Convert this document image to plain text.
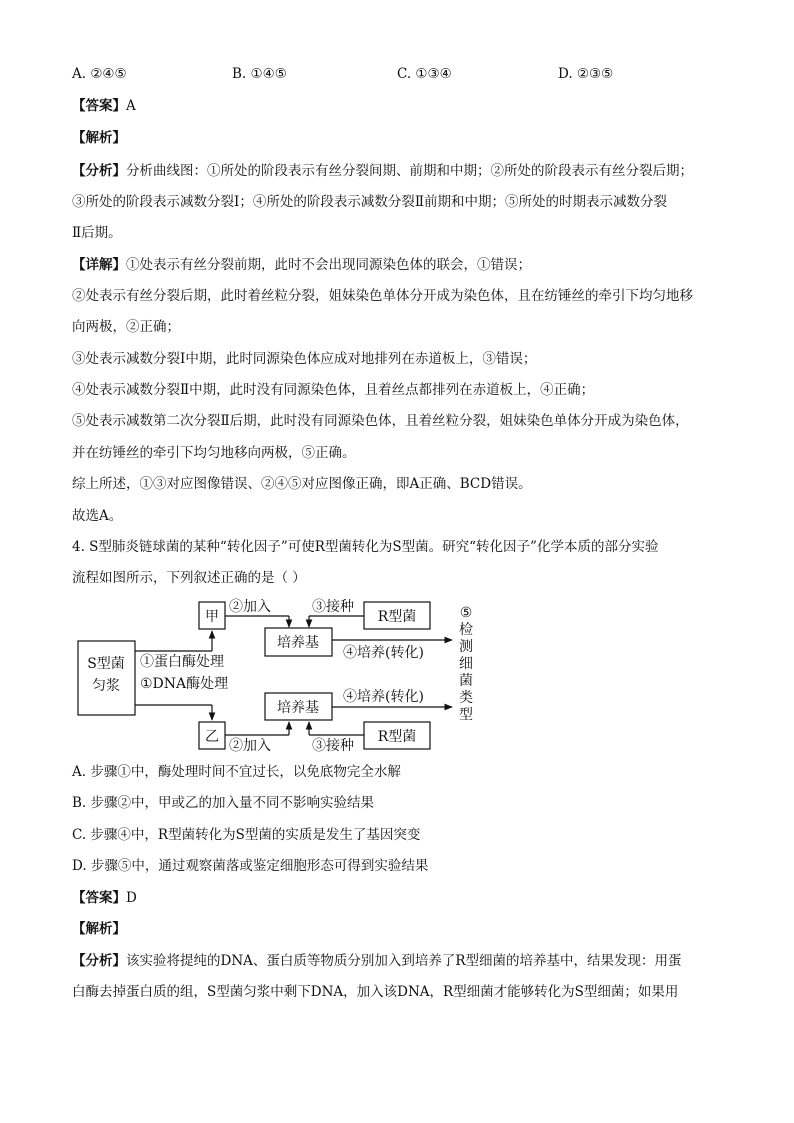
A. ②④⑤	B. ①④⑤	C. ①③④	D. ②③⑤
【答案】A
【解析】
【分析】分析曲线图：①所处的阶段表示有丝分裂间期、前期和中期；②所处的阶段表示有丝分裂后期；
③所处的阶段表示减数分裂Ⅰ；④所处的阶段表示减数分裂Ⅱ前期和中期；⑤所处的时期表示减数分裂
Ⅱ后期。
【详解】①处表示有丝分裂前期，此时不会出现同源染色体的联会，①错误；
②处表示有丝分裂后期，此时着丝粒分裂，姐妹染色单体分开成为染色体，且在纺锤丝的牵引下均匀地移
向两极，②正确；
③处表示减数分裂Ⅰ中期，此时同源染色体应成对地排列在赤道板上，③错误；
④处表示减数分裂Ⅱ中期，此时没有同源染色体，且着丝点都排列在赤道板上，④正确；
⑤处表示减数第二次分裂Ⅱ后期，此时没有同源染色体，且着丝粒分裂，姐妹染色单体分开成为染色体，
并在纺锤丝的牵引下均匀地移向两极，⑤正确。
综上所述，①③对应图像错误、②④⑤对应图像正确，即A正确、BCD错误。
故选A。
4. S型肺炎链球菌的某种“转化因子”可使R型菌转化为S型菌。研究“转化因子”化学本质的部分实验
流程如图所示，下列叙述正确的是（ ）
S型菌
匀浆
①蛋白酶处理
①DNA酶处理
甲
乙
②加入
②加入
③接种
③接种
R型菌
R型菌
培养基
培养基
④培养(转化)
④培养(转化)
⑤
检
测
细
菌
类
型
A. 步骤①中，酶处理时间不宜过长，以免底物完全水解
B. 步骤②中，甲或乙的加入量不同不影响实验结果
C. 步骤④中，R型菌转化为S型菌的实质是发生了基因突变
D. 步骤⑤中，通过观察菌落或鉴定细胞形态可得到实验结果
【答案】D
【解析】
【分析】该实验将提纯的DNA、蛋白质等物质分别加入到培养了R型细菌的培养基中，结果发现：用蛋
白酶去掉蛋白质的组，S型菌匀浆中剩下DNA，加入该DNA，R型细菌才能够转化为S型细菌；如果用
